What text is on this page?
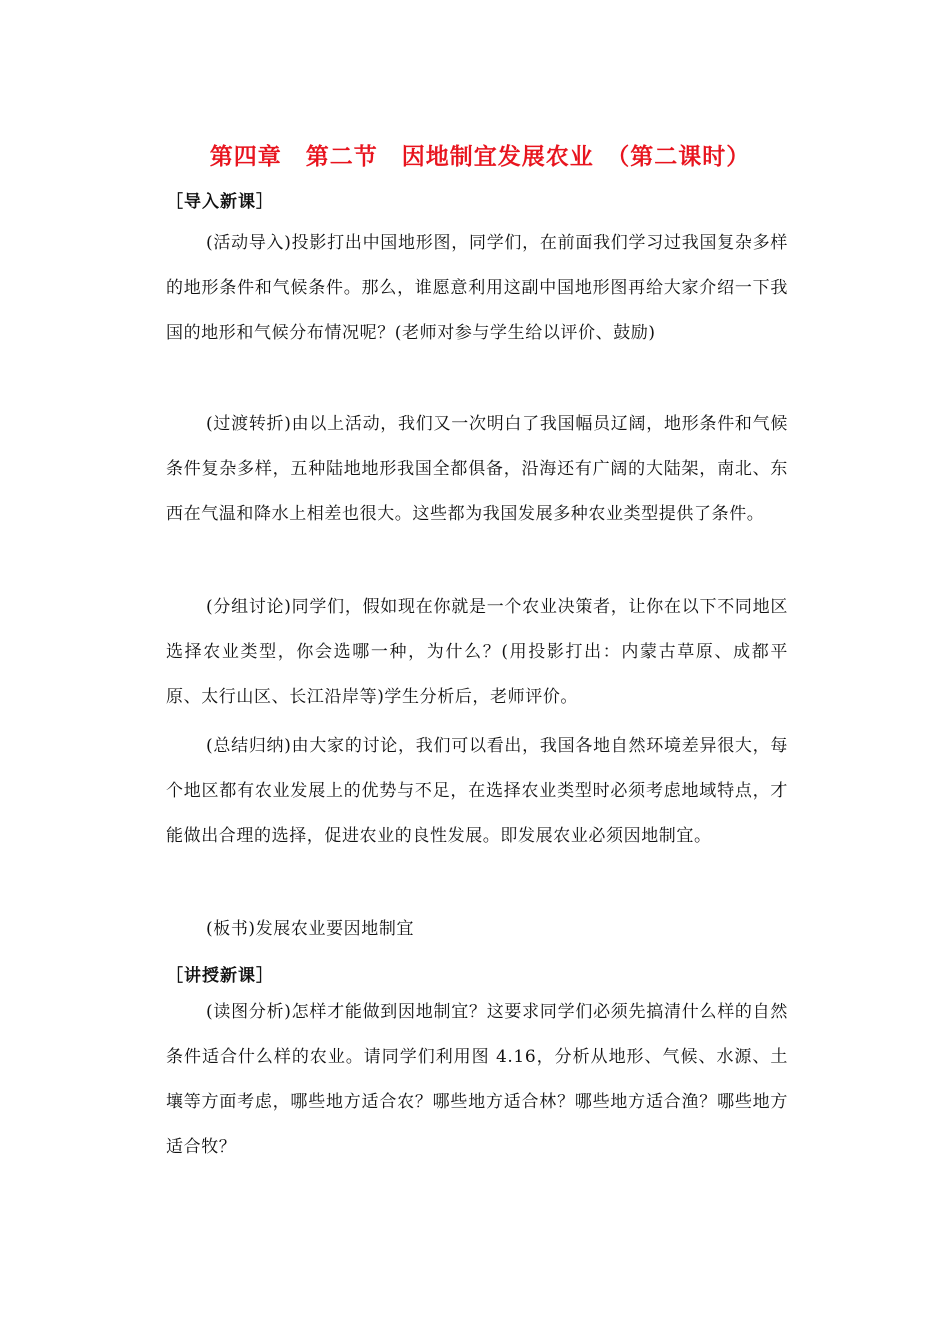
第四章　第二节　因地制宜发展农业　（第二课时）
［导入新课］

(活动导入)投影打出中国地形图，同学们，在前面我们学习过我国复杂多样的地形条件和气候条件。那么，谁愿意利用这副中国地形图再给大家介绍一下我国的地形和气候分布情况呢？(老师对参与学生给以评价、鼓励)

(过渡转折)由以上活动，我们又一次明白了我国幅员辽阔，地形条件和气候条件复杂多样，五种陆地地形我国全都俱备，沿海还有广阔的大陆架，南北、东西在气温和降水上相差也很大。这些都为我国发展多种农业类型提供了条件。

(分组讨论)同学们，假如现在你就是一个农业决策者，让你在以下不同地区选择农业类型，你会选哪一种，为什么？(用投影打出：内蒙古草原、成都平原、太行山区、长江沿岸等)学生分析后，老师评价。

(总结归纳)由大家的讨论，我们可以看出，我国各地自然环境差异很大，每个地区都有农业发展上的优势与不足，在选择农业类型时必须考虑地域特点，才能做出合理的选择，促进农业的良性发展。即发展农业必须因地制宜。

(板书)发展农业要因地制宜

［讲授新课］

(读图分析)怎样才能做到因地制宜？这要求同学们必须先搞清什么样的自然条件适合什么样的农业。请同学们利用图 4.16，分析从地形、气候、水源、土壤等方面考虑，哪些地方适合农？哪些地方适合林？哪些地方适合渔？哪些地方适合牧？
